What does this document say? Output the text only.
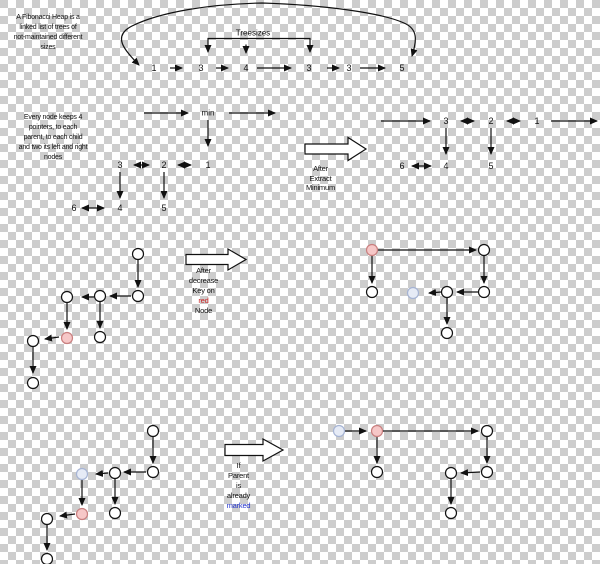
A Fibonacci Heap is a
linked list of trees of
not-maintained different
sizes
Treesizes
1	3	4	3	3	5
Every node keeps 4
pointers, to each
parent, to each child
and two its left and right
nodes
min
3	2	1
6	4	5
After
Extract
Minimum
3	2	1
6	4	5
After
decrease
Key on
red
Node
If
Parent
is
already
marked
